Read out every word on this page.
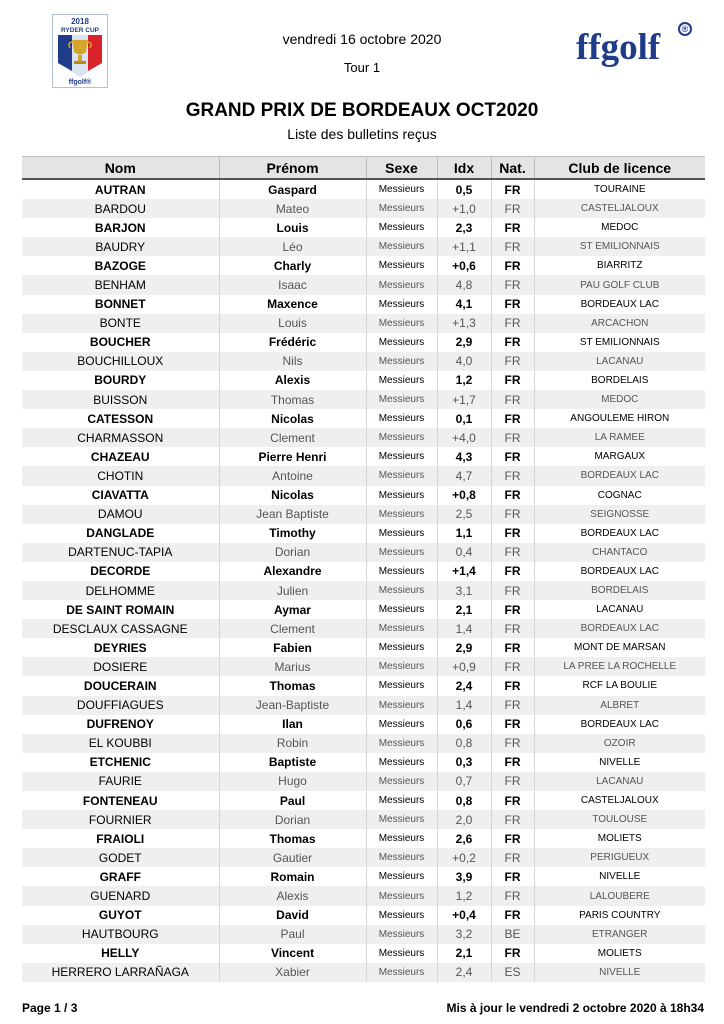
2018
RYDER CUP
ffgolf®
vendredi 16 octobre 2020
Tour 1	ffgolf	®
GRAND PRIX DE BORDEAUX OCT2020
Liste des bulletins reçus
Nom	Prénom	Sexe	Idx	Nat.	Club de licence
AUTRAN	Gaspard	Messieurs	0,5	FR	TOURAINE
BARDOU	Mateo	Messieurs	+1,0	FR	CASTELJALOUX
BARJON	Louis	Messieurs	2,3	FR	MEDOC
BAUDRY	Léo	Messieurs	+1,1	FR	ST EMILIONNAIS
BAZOGE	Charly	Messieurs	+0,6	FR	BIARRITZ
BENHAM	Isaac	Messieurs	4,8	FR	PAU GOLF CLUB
BONNET	Maxence	Messieurs	4,1	FR	BORDEAUX LAC
BONTE	Louis	Messieurs	+1,3	FR	ARCACHON
BOUCHER	Frédéric	Messieurs	2,9	FR	ST EMILIONNAIS
BOUCHILLOUX	Nils	Messieurs	4,0	FR	LACANAU
BOURDY	Alexis	Messieurs	1,2	FR	BORDELAIS
BUISSON	Thomas	Messieurs	+1,7	FR	MEDOC
CATESSON	Nicolas	Messieurs	0,1	FR	ANGOULEME HIRON
CHARMASSON	Clement	Messieurs	+4,0	FR	LA RAMEE
CHAZEAU	Pierre Henri	Messieurs	4,3	FR	MARGAUX
CHOTIN	Antoine	Messieurs	4,7	FR	BORDEAUX LAC
CIAVATTA	Nicolas	Messieurs	+0,8	FR	COGNAC
DAMOU	Jean Baptiste	Messieurs	2,5	FR	SEIGNOSSE
DANGLADE	Timothy	Messieurs	1,1	FR	BORDEAUX LAC
DARTENUC-TAPIA	Dorian	Messieurs	0,4	FR	CHANTACO
DECORDE	Alexandre	Messieurs	+1,4	FR	BORDEAUX LAC
DELHOMME	Julien	Messieurs	3,1	FR	BORDELAIS
DE SAINT ROMAIN	Aymar	Messieurs	2,1	FR	LACANAU
DESCLAUX CASSAGNE	Clement	Messieurs	1,4	FR	BORDEAUX LAC
DEYRIES	Fabien	Messieurs	2,9	FR	MONT DE MARSAN
DOSIERE	Marius	Messieurs	+0,9	FR	LA PREE LA ROCHELLE
DOUCERAIN	Thomas	Messieurs	2,4	FR	RCF LA BOULIE
DOUFFIAGUES	Jean-Baptiste	Messieurs	1,4	FR	ALBRET
DUFRENOY	Ilan	Messieurs	0,6	FR	BORDEAUX LAC
EL KOUBBI	Robin	Messieurs	0,8	FR	OZOIR
ETCHENIC	Baptiste	Messieurs	0,3	FR	NIVELLE
FAURIE	Hugo	Messieurs	0,7	FR	LACANAU
FONTENEAU	Paul	Messieurs	0,8	FR	CASTELJALOUX
FOURNIER	Dorian	Messieurs	2,0	FR	TOULOUSE
FRAIOLI	Thomas	Messieurs	2,6	FR	MOLIETS
GODET	Gautier	Messieurs	+0,2	FR	PERIGUEUX
GRAFF	Romain	Messieurs	3,9	FR	NIVELLE
GUENARD	Alexis	Messieurs	1,2	FR	LALOUBERE
GUYOT	David	Messieurs	+0,4	FR	PARIS COUNTRY
HAUTBOURG	Paul	Messieurs	3,2	BE	ETRANGER
HELLY	Vincent	Messieurs	2,1	FR	MOLIETS
HERRERO LARRAÑAGA	Xabier	Messieurs	2,4	ES	NIVELLE
Page 1 / 3	Mis à jour le vendredi 2 octobre 2020 à 18h34
